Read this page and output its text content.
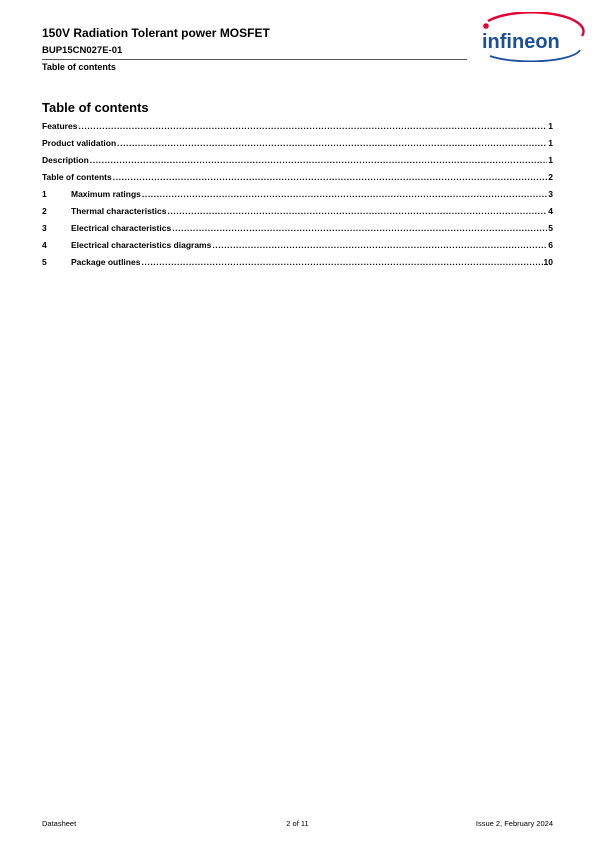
150V Radiation Tolerant power MOSFET
BUP15CN027E-01
Table of contents
infineon
Table of contents
Features .....	1
Product validation .....	1
Description .....	1
Table of contents .....	2
1	Maximum ratings .....	3
2	Thermal characteristics .....	4
3	Electrical characteristics .....	5
4	Electrical characteristics diagrams .....	6
5	Package outlines .....	10
Datasheet	2 of 11	Issue 2, February 2024
